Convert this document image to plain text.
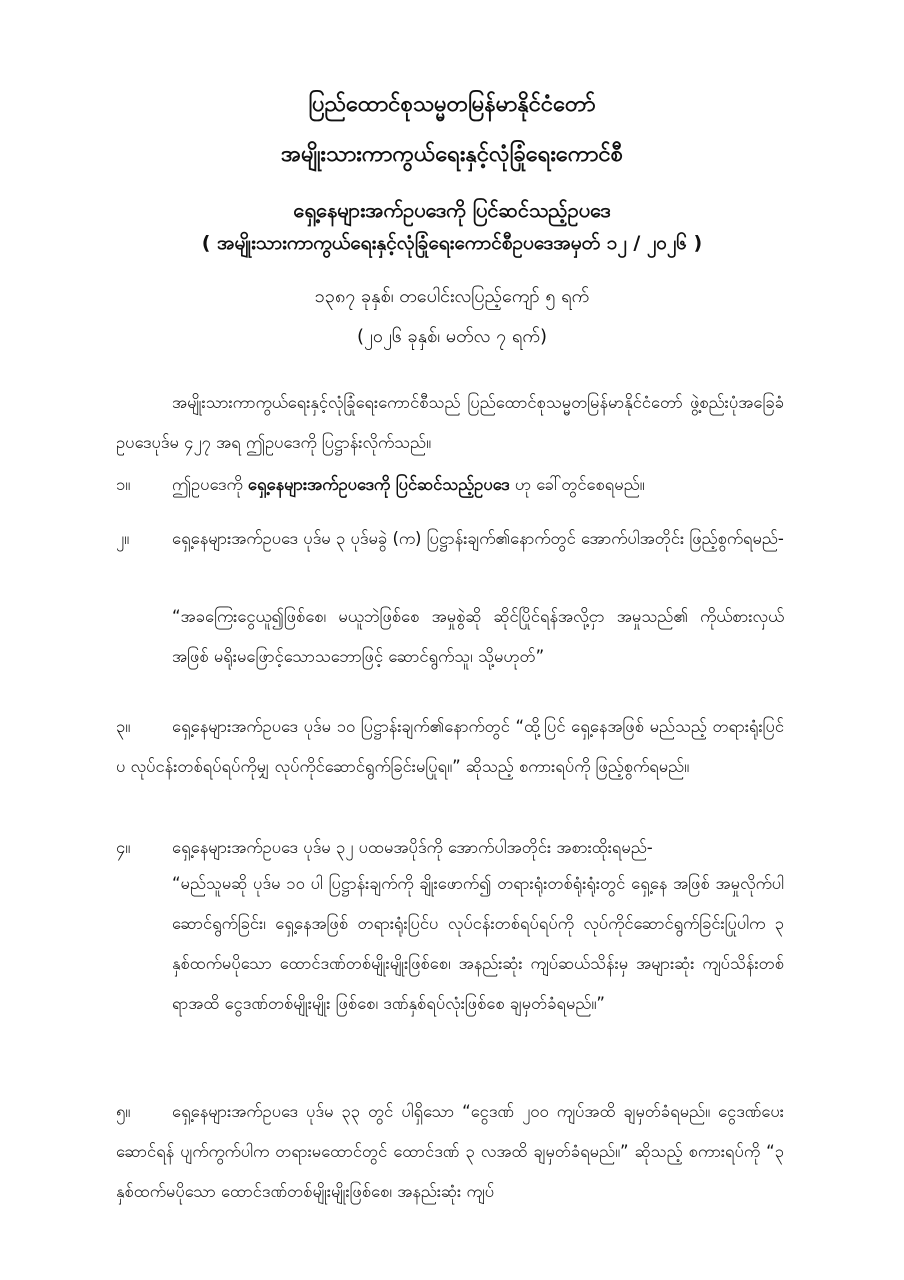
ပြည်ထောင်စုသမ္မတမြန်မာနိုင်ငံတော်
အမျိုးသားကာကွယ်ရေးနှင့်လုံခြုံရေးကောင်စီ
ရှေ့နေများအက်ဥပဒေကို ပြင်ဆင်သည့်ဥပဒေ
( အမျိုးသားကာကွယ်ရေးနှင့်လုံခြုံရေးကောင်စီဥပဒေအမှတ် ၁၂ / ၂၀၂၆ )
၁၃၈၇ ခုနှစ်၊ တပေါင်းလပြည့်ကျော် ၅ ရက်
(၂၀၂၆ ခုနှစ်၊ မတ်လ ၇ ရက်)
အမျိုးသားကာကွယ်ရေးနှင့်လုံခြုံရေးကောင်စီသည် ပြည်ထောင်စုသမ္မတမြန်မာနိုင်ငံတော် ဖွဲ့စည်းပုံအခြေခံဥပဒေပုဒ်မ ၄၂၇ အရ ဤဥပဒေကို ပြဋ္ဌာန်းလိုက်သည်။
၁။	ဤဥပဒေကို ရှေ့နေများအက်ဥပဒေကို ပြင်ဆင်သည့်ဥပဒေ ဟု ခေါ်တွင်စေရမည်။
၂။	ရှေ့နေများအက်ဥပဒေ ပုဒ်မ ၃ ပုဒ်မခွဲ (က) ပြဋ္ဌာန်းချက်၏နောက်တွင် အောက်ပါအတိုင်း ဖြည့်စွက်ရမည်-
“အခကြေးငွေယူ၍ဖြစ်စေ၊ မယူဘဲဖြစ်စေ အမှုစွဲဆို ဆိုင်ပြိုင်ရန်အလို့ငှာ အမှုသည်၏ ကိုယ်စားလှယ်အဖြစ် မရိုးမဖြောင့်သောသဘောဖြင့် ဆောင်ရွက်သူ၊ သို့မဟုတ်”
၃။	ရှေ့နေများအက်ဥပဒေ ပုဒ်မ ၁၀ ပြဋ္ဌာန်းချက်၏နောက်တွင် “ထို့ပြင် ရှေ့နေအဖြစ် မည်သည့် တရားရုံးပြင်ပ လုပ်ငန်းတစ်ရပ်ရပ်ကိုမျှ လုပ်ကိုင်ဆောင်ရွက်ခြင်းမပြုရ။” ဆိုသည့် စကားရပ်ကို ဖြည့်စွက်ရမည်။
၄။	ရှေ့နေများအက်ဥပဒေ ပုဒ်မ ၃၂ ပထမအပိုဒ်ကို အောက်ပါအတိုင်း အစားထိုးရမည်-
“မည်သူမဆို ပုဒ်မ ၁၀ ပါ ပြဋ္ဌာန်းချက်ကို ချိုးဖောက်၍ တရားရုံးတစ်ရုံးရုံးတွင် ရှေ့နေ အဖြစ် အမှုလိုက်ပါဆောင်ရွက်ခြင်း၊ ရှေ့နေအဖြစ် တရားရုံးပြင်ပ လုပ်ငန်းတစ်ရပ်ရပ်ကို လုပ်ကိုင်ဆောင်ရွက်ခြင်းပြုပါက ၃ နှစ်ထက်မပိုသော ထောင်ဒဏ်တစ်မျိုးမျိုးဖြစ်စေ၊ အနည်းဆုံး ကျပ်ဆယ်သိန်းမှ အများဆုံး ကျပ်သိန်းတစ်ရာအထိ ငွေဒဏ်တစ်မျိုးမျိုး ဖြစ်စေ၊ ဒဏ်နှစ်ရပ်လုံးဖြစ်စေ ချမှတ်ခံရမည်။”
၅။	ရှေ့နေများအက်ဥပဒေ ပုဒ်မ ၃၃ တွင် ပါရှိသော “ငွေဒဏ် ၂၀၀ ကျပ်အထိ ချမှတ်ခံရမည်။ ငွေဒဏ်ပေးဆောင်ရန် ပျက်ကွက်ပါက တရားမထောင်တွင် ထောင်ဒဏ် ၃ လအထိ ချမှတ်ခံရမည်။” ဆိုသည့် စကားရပ်ကို “၃ နှစ်ထက်မပိုသော ထောင်ဒဏ်တစ်မျိုးမျိုးဖြစ်စေ၊ အနည်းဆုံး ကျပ်
